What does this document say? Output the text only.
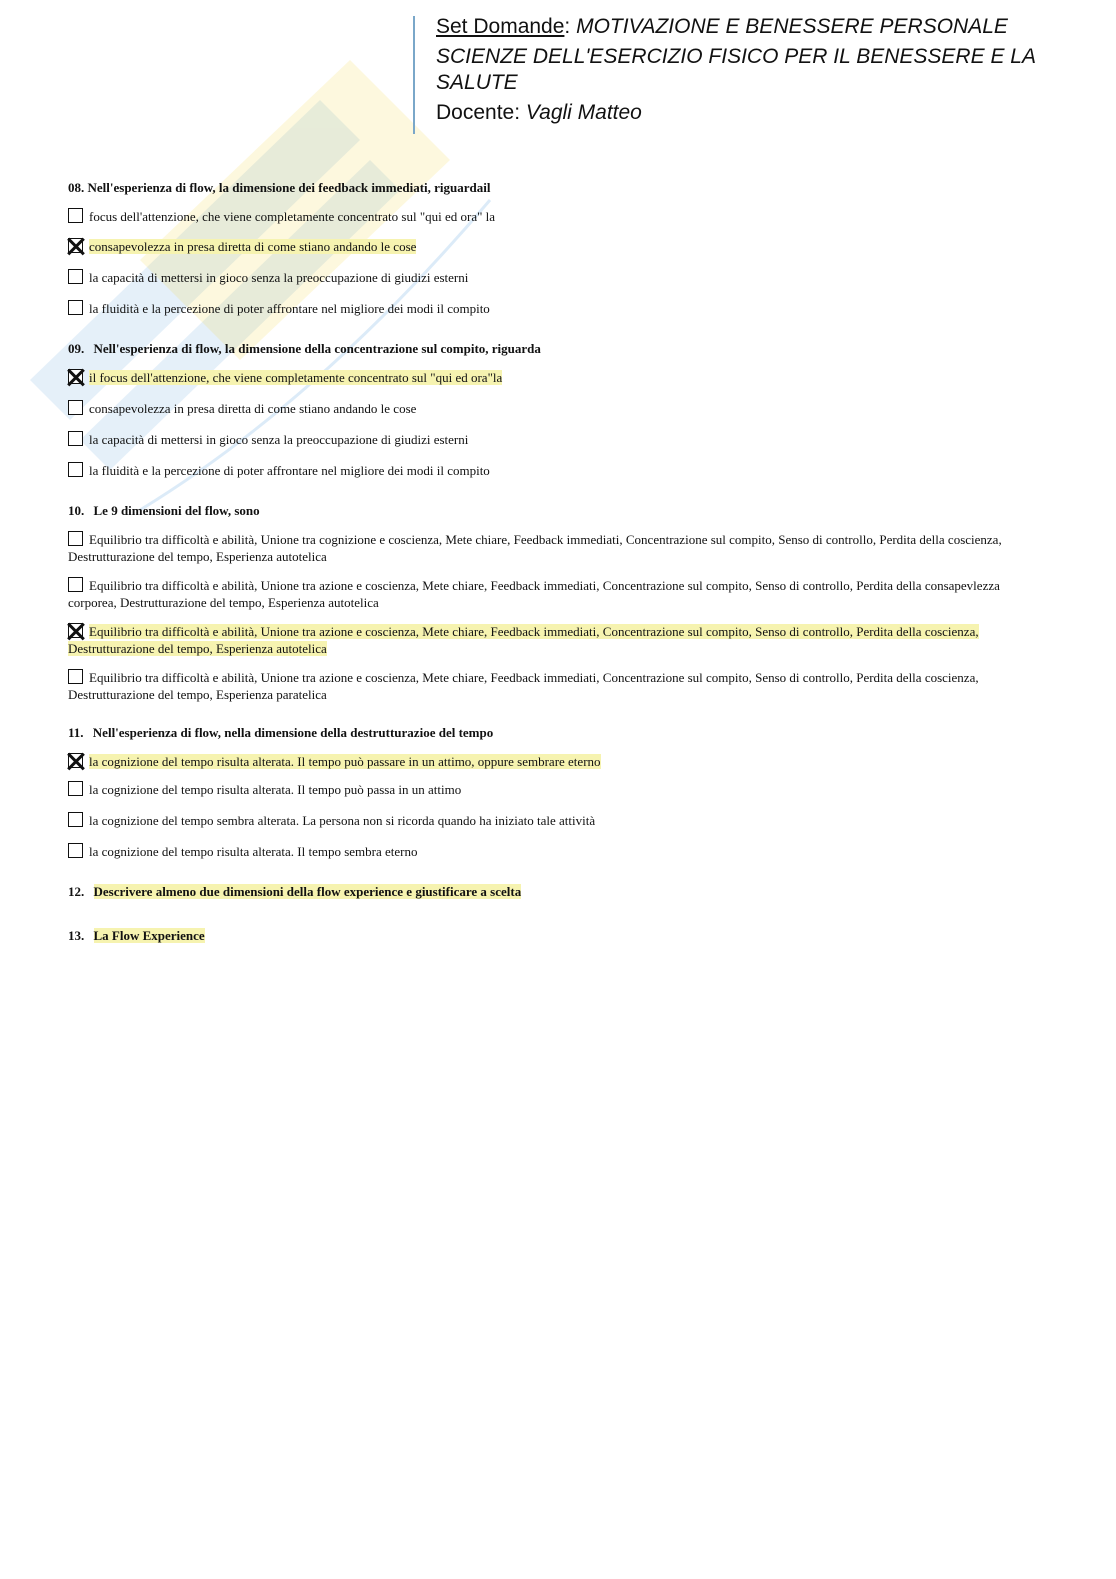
Set Domande: MOTIVAZIONE E BENESSERE PERSONALE

SCIENZE DELL'ESERCIZIO FISICO PER IL BENESSERE E LA SALUTE

Docente: Vagli Matteo

08. Nell'esperienza di flow, la dimensione dei feedback immediati, riguardail

focus dell'attenzione, che viene completamente concentrato sul "qui ed ora" la
consapevolezza in presa diretta di come stiano andando le cose
la capacità di mettersi in gioco senza la preoccupazione di giudizi esterni
la fluidità e la percezione di poter affrontare nel migliore dei modi il compito

09. Nell'esperienza di flow, la dimensione della concentrazione sul compito, riguarda

il focus dell'attenzione, che viene completamente concentrato sul "qui ed ora"la
consapevolezza in presa diretta di come stiano andando le cose
la capacità di mettersi in gioco senza la preoccupazione di giudizi esterni
la fluidità e la percezione di poter affrontare nel migliore dei modi il compito

10. Le 9 dimensioni del flow, sono

Equilibrio tra difficoltà e abilità, Unione tra cognizione e coscienza, Mete chiare, Feedback immediati, Concentrazione sul compito, Senso di controllo, Perdita della coscienza, Destrutturazione del tempo, Esperienza autotelica
Equilibrio tra difficoltà e abilità, Unione tra azione e coscienza, Mete chiare, Feedback immediati, Concentrazione sul compito, Senso di controllo, Perdita della consapevlezza corporea, Destrutturazione del tempo, Esperienza autotelica
Equilibrio tra difficoltà e abilità, Unione tra azione e coscienza, Mete chiare, Feedback immediati, Concentrazione sul compito, Senso di controllo, Perdita della coscienza, Destrutturazione del tempo, Esperienza autotelica
Equilibrio tra difficoltà e abilità, Unione tra azione e coscienza, Mete chiare, Feedback immediati, Concentrazione sul compito, Senso di controllo, Perdita della coscienza, Destrutturazione del tempo, Esperienza paratelica

11. Nell'esperienza di flow, nella dimensione della destrutturazioe del tempo

la cognizione del tempo risulta alterata. Il tempo può passare in un attimo, oppure sembrare eterno
la cognizione del tempo risulta alterata. Il tempo può passa in un attimo
la cognizione del tempo sembra alterata. La persona non si ricorda quando ha iniziato tale attività
la cognizione del tempo risulta alterata. Il tempo sembra eterno

12. Descrivere almeno due dimensioni della flow experience e giustificare a scelta

13. La Flow Experience
